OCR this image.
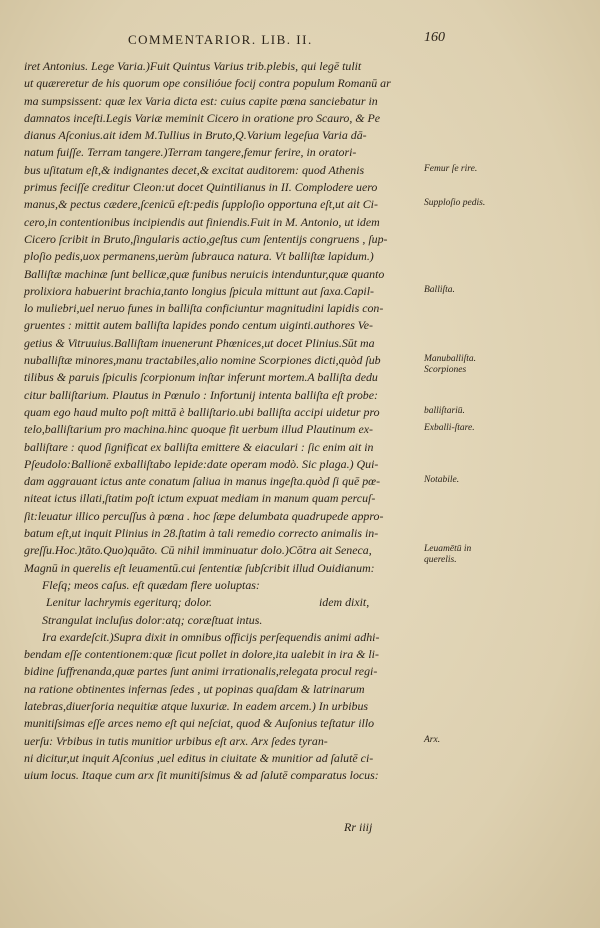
COMMENTARIOR. LIB. II.	160
iret Antonius. Lege Varia.)Fuit Quintus Varius trib.plebis, qui legē tulit
ut quæreretur de his quorum ope consilióue focij contra populum Romanū ar
ma sumpsissent: quæ lex Varia dicta est: cuius capite pœna sanciebatur in
damnatos inceſti.Legis Variæ meminit Cicero in oratione pro Scauro, & Pe
dianus Aſconius.ait idem M.Tullius in Bruto,Q.Varium legeſua Varia dā-
natum fuiſſe. Terram tangere.)Terram tangere,femur ferire, in oratori-
bus uſitatum eſt,& indignantes decet,& excitat auditorem: quod Athenis
primus feciſſe creditur Cleon:ut docet Quintilianus in II. Complodere uero
manus,& pectus cædere,ſcenicū eſt:pedis ſupploſio opportuna eſt,ut ait Ci-
cero,in contentionibus incipiendis aut finiendis.Fuit in M. Antonio, ut idem
Cicero ſcribit in Bruto,ſingularis actio,geſtus cum ſententijs congruens , ſup-
ploſio pedis,uox permanens,uerùm ſubrauca natura. Vt balliſtæ lapidum.)
Balliſtæ machinæ ſunt bellicæ,quæ funibus neruicis intenduntur,quæ quanto
prolixiora habuerint brachia,tanto longius ſpicula mittunt aut ſaxa.Capil-
lo muliebri,uel neruo funes in balliſta conficiuntur magnitudini lapidis con-
gruentes : mittit autem balliſta lapides pondo centum uiginti.authores Ve-
getius & Vitruuius.Balliſtam inuenerunt Phœnices,ut docet Plinius.Sūt ma
nuballiſtæ minores,manu tractabiles,alio nomine Scorpiones dicti,quòd ſub
tilibus & paruis ſpiculis ſcorpionum inſtar inferunt mortem.A balliſta dedu
citur balliſtarium. Plautus in Pœnulo : Infortunij intenta balliſta eſt probe:
quam ego haud multo poſt mittā è balliſtario.ubi balliſta accipi uidetur pro
telo,balliſtarium pro machina.hinc quoque fit uerbum illud Plautinum ex-
balliſtare : quod ſignificat ex balliſta emittere & eiaculari : ſic enim ait in
Pſeudolo:Ballionē exballiſtabo lepide:date operam modò. Sic plaga.) Qui-
dam aggrauant ictus ante conatum ſaliua in manus ingeſta.quòd ſi quē pœ-
niteat ictus illati,ſtatim poſt ictum expuat mediam in manum quam percuſ-
ſit:leuatur illico percuſſus à pœna . hoc ſæpe delumbata quadrupede appro-
batum eſt,ut inquit Plinius in 28.ſtatim à tali remedio correcto animalis in-
greſſu.Hoc.)tāto.Quo)quāto. Cū nihil imminuatur dolo.)Cōtra ait Seneca,
Magnū in querelis eſt leuamentū.cui ſententiæ ſubſcribit illud Ouidianum:
Fleſq; meos caſus. eſt quædam flere uoluptas:
Lenitur lachrymis egeriturq; dolor.	idem dixit,
Strangulat incluſus dolor:atq; coræſtuat intus.
Ira exardeſcit.)Supra dixit in omnibus officijs perſequendis animi adhi-
bendam eſſe contentionem:quæ ſicut pollet in dolore,ita ualebit in ira & li-
bidine ſuffrenanda,quæ partes ſunt animi irrationalis,relegata procul regi-
na ratione obtinentes infernas ſedes , ut popinas quaſdam & latrinarum
latebras,diuerſoria nequitiæ atque luxuriæ. In eadem arcem.) In urbibus
munitiſsimas eſſe arces nemo eſt qui neſciat, quod & Auſonius teſtatur illo
uerſu: Vrbibus in tutis munitior urbibus eſt arx. Arx ſedes tyran-
ni dicitur,ut inquit Aſconius ,uel editus in ciuitate & munitior ad ſalutē ci-
uium locus. Itaque cum arx ſit munitiſsimus & ad ſalutē comparatus locus:
Femur ſe rire.
Supploſio pedis.
Balliſta.
Manuballiſta. Scorpiones
balliſtariū.
Exballi-ſtare.
Notabile.
Leuamētū in querelis.
Arx.
Rr iiij
